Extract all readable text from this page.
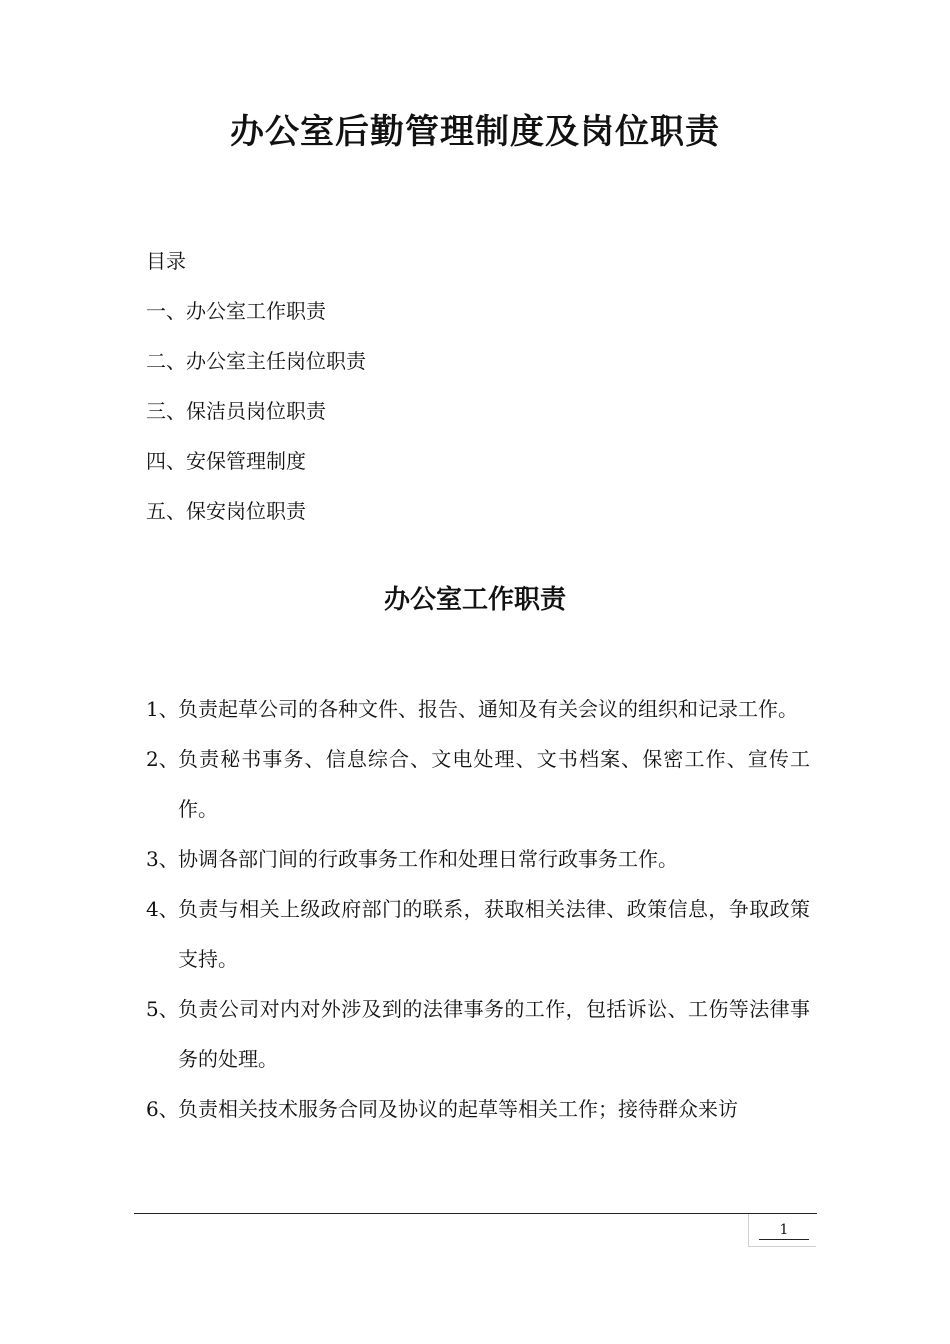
办公室后勤管理制度及岗位职责
目录
一、办公室工作职责
二、办公室主任岗位职责
三、保洁员岗位职责
四、安保管理制度
五、保安岗位职责
办公室工作职责
1、 负责起草公司的各种文件、报告、通知及有关会议的组织和记录工作。
2、 负责秘书事务、信息综合、文电处理、文书档案、保密工作、宣传工作。
3、 协调各部门间的行政事务工作和处理日常行政事务工作。
4、 负责与相关上级政府部门的联系，获取相关法律、政策信息，争取政策支持。
5、 负责公司对内对外涉及到的法律事务的工作，包括诉讼、工伤等法律事务的处理。
6、 负责相关技术服务合同及协议的起草等相关工作；接待群众来访
1
